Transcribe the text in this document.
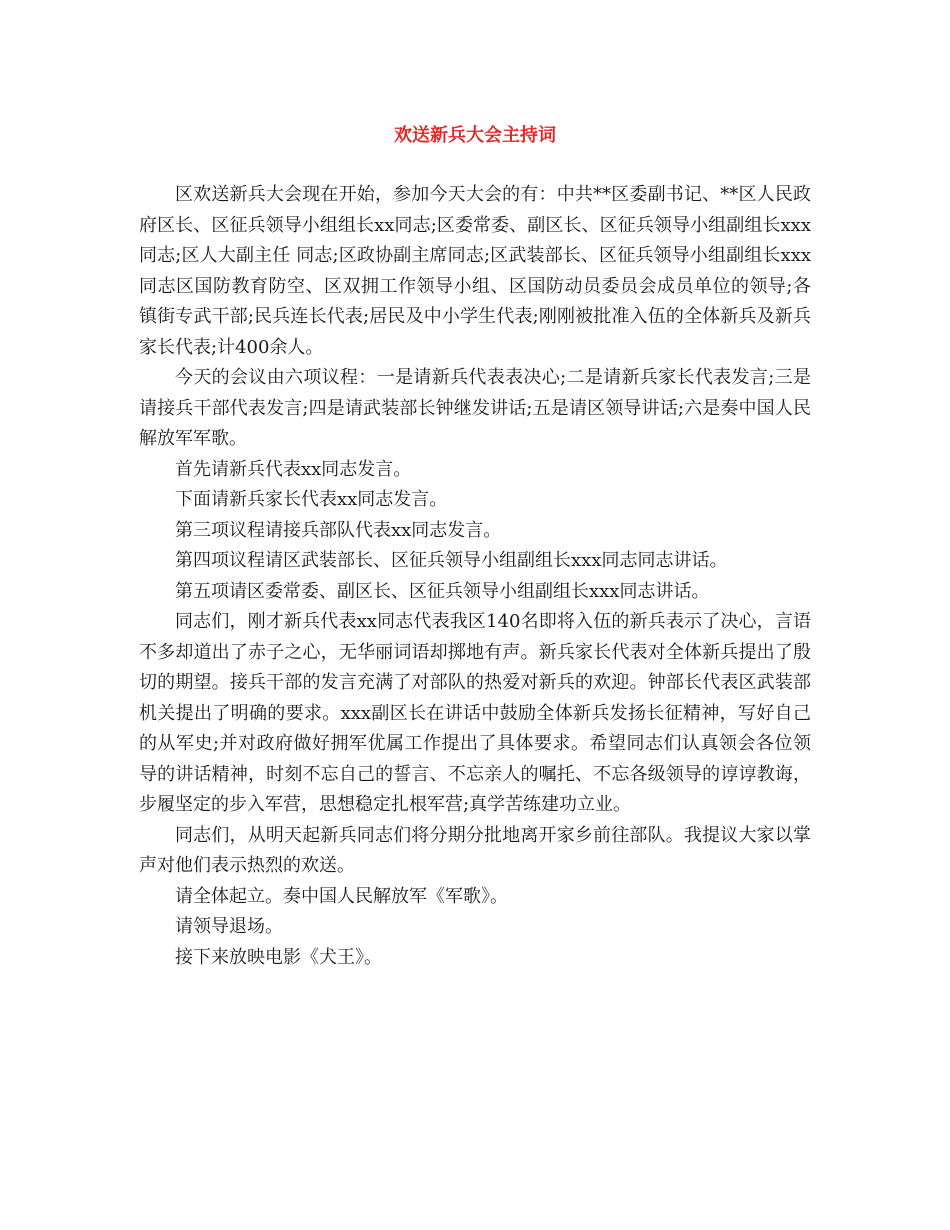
欢送新兵大会主持词

区欢送新兵大会现在开始，参加今天大会的有：中共**区委副书记、**区人民政府区长、区征兵领导小组组长xx同志;区委常委、副区长、区征兵领导小组副组长xxx同志;区人大副主任 同志;区政协副主席同志;区武装部长、区征兵领导小组副组长xxx同志区国防教育防空、区双拥工作领导小组、区国防动员委员会成员单位的领导;各镇街专武干部;民兵连长代表;居民及中小学生代表;刚刚被批准入伍的全体新兵及新兵家长代表;计400余人。

今天的会议由六项议程：一是请新兵代表表决心;二是请新兵家长代表发言;三是请接兵干部代表发言;四是请武装部长钟继发讲话;五是请区领导讲话;六是奏中国人民解放军军歌。

首先请新兵代表xx同志发言。

下面请新兵家长代表xx同志发言。

第三项议程请接兵部队代表xx同志发言。

第四项议程请区武装部长、区征兵领导小组副组长xxx同志同志讲话。

第五项请区委常委、副区长、区征兵领导小组副组长xxx同志讲话。

同志们，刚才新兵代表xx同志代表我区140名即将入伍的新兵表示了决心，言语不多却道出了赤子之心，无华丽词语却掷地有声。新兵家长代表对全体新兵提出了殷切的期望。接兵干部的发言充满了对部队的热爱对新兵的欢迎。钟部长代表区武装部机关提出了明确的要求。xxx副区长在讲话中鼓励全体新兵发扬长征精神，写好自己的从军史;并对政府做好拥军优属工作提出了具体要求。希望同志们认真领会各位领导的讲话精神，时刻不忘自己的誓言、不忘亲人的嘱托、不忘各级领导的谆谆教诲，步履坚定的步入军营，思想稳定扎根军营;真学苦练建功立业。

同志们，从明天起新兵同志们将分期分批地离开家乡前往部队。我提议大家以掌声对他们表示热烈的欢送。

请全体起立。奏中国人民解放军《军歌》。

请领导退场。

接下来放映电影《犬王》。
